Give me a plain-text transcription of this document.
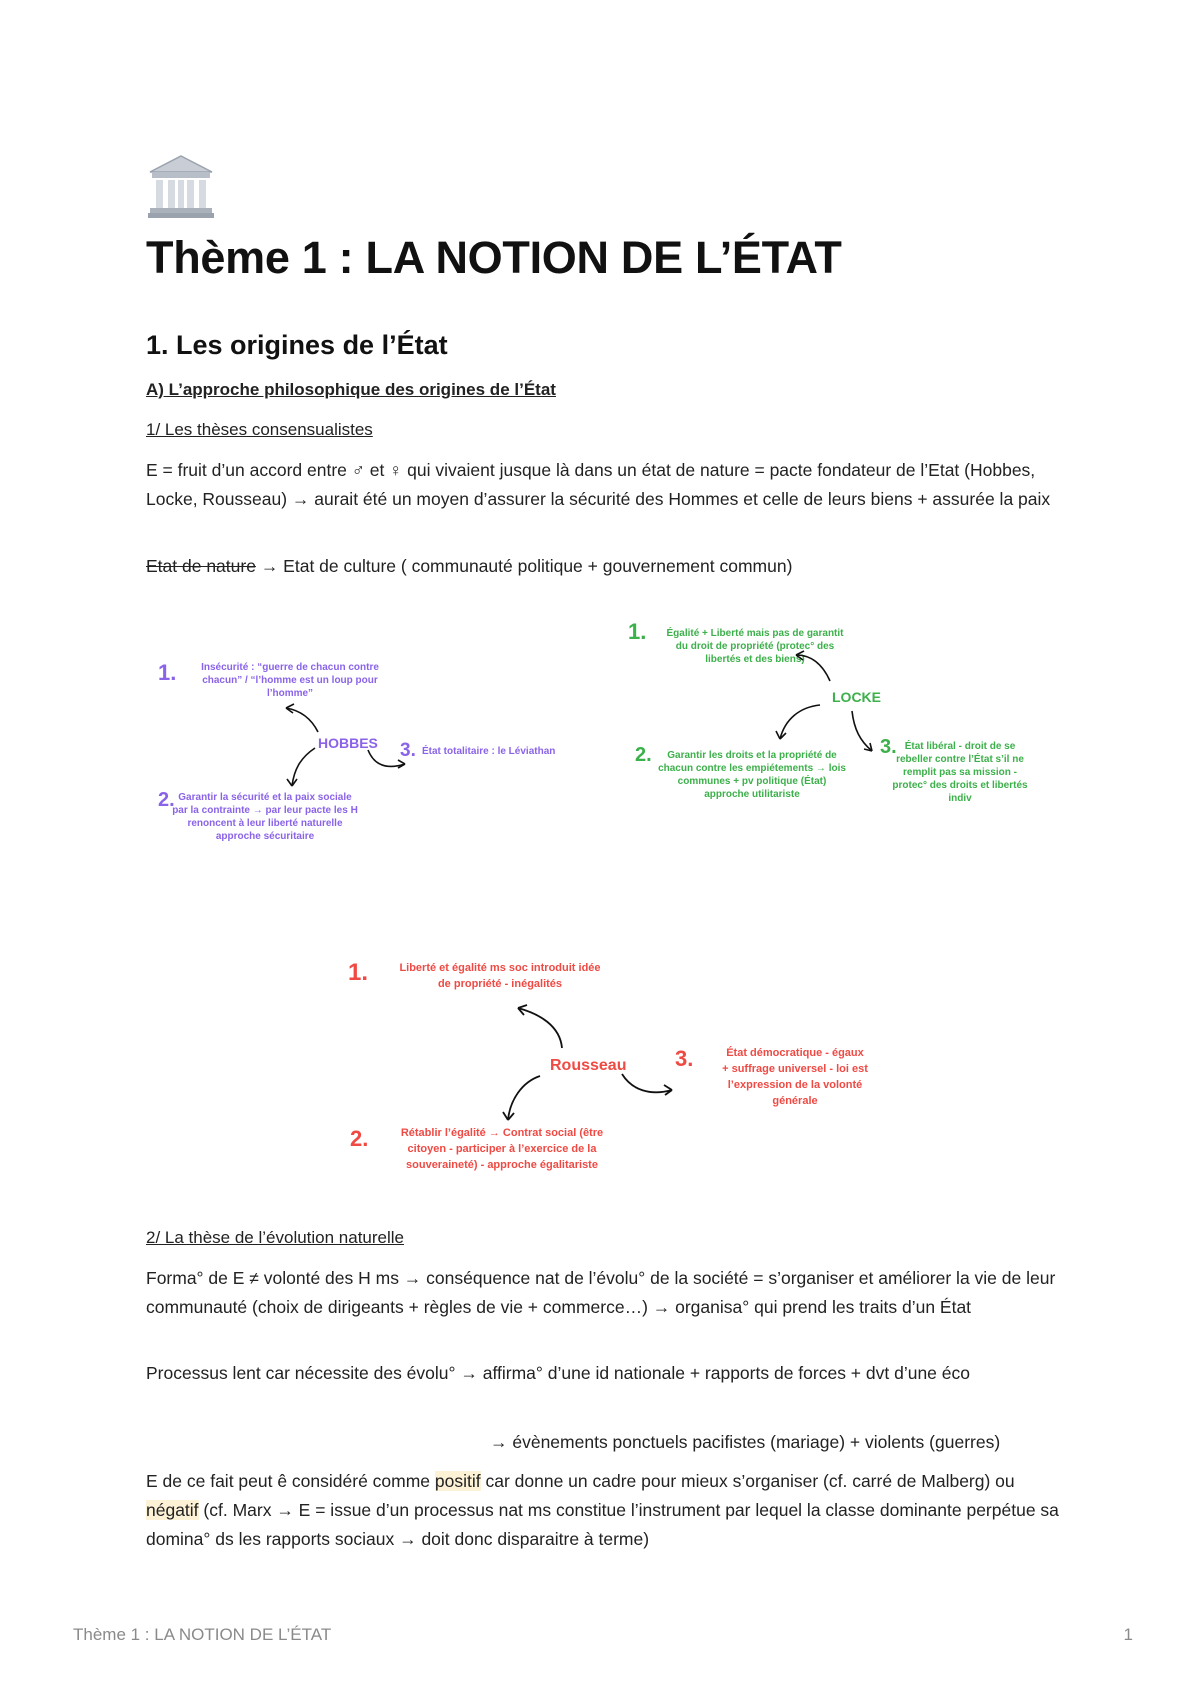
Thème 1 : LA NOTION DE L’ÉTAT
1. Les origines de l’État

A) L’approche philosophique des origines de l’État

1/ Les thèses consensualistes

E = fruit d’un accord entre ♂ et ♀ qui vivaient jusque là dans un état de nature = pacte fondateur de l’Etat (Hobbes, Locke, Rousseau) → aurait été un moyen d’assurer la sécurité des Hommes et celle de leurs biens + assurée la paix

Etat de nature → Etat de culture ( communauté politique + gouvernement commun)

1. Insécurité : “guerre de chacun contre
chacun” / “l’homme est un loup pour
l’homme”
HOBBES 3. État totalitaire : le Léviathan
2. Garantir la sécurité et la paix sociale
par la contrainte → par leur pacte les H
renoncent à leur liberté naturelle
approche sécuritaire
1. Égalité + Liberté mais pas de garantit
du droit de propriété (protec° des
libertés et des biens)
LOCKE
2. Garantir les droits et la propriété de
chacun contre les empiétements → lois
communes + pv politique (État)
approche utilitariste
3. État libéral - droit de se
rebeller contre l’État s’il ne
remplit pas sa mission -
protec° des droits et libertés
indiv
1.	Liberté et égalité ms soc introduit idée
de propriété - inégalités
Rousseau 3.	État démocratique - égaux
+ suffrage universel - loi est
l’expression de la volonté
générale
2.	Rétablir l’égalité → Contrat social (être
citoyen - participer à l’exercice de la
souveraineté) - approche égalitariste

2/ La thèse de l’évolution naturelle

Forma° de E ≠ volonté des H ms → conséquence nat de l’évolu° de la société = s’organiser et améliorer la vie de leur communauté (choix de dirigeants + règles de vie + commerce…) → organisa° qui prend les traits d’un État

Processus lent car nécessite des évolu° → affirma° d’une id nationale + rapports de forces + dvt d’une éco

→ évènements ponctuels pacifistes (mariage) + violents (guerres)

E de ce fait peut ê considéré comme positif car donne un cadre pour mieux s’organiser (cf. carré de Malberg) ou négatif (cf. Marx → E = issue d’un processus nat ms constitue l’instrument par lequel la classe dominante perpétue sa domina° ds les rapports sociaux → doit donc disparaitre à terme)

Thème 1 : LA NOTION DE L’ÉTAT	1
